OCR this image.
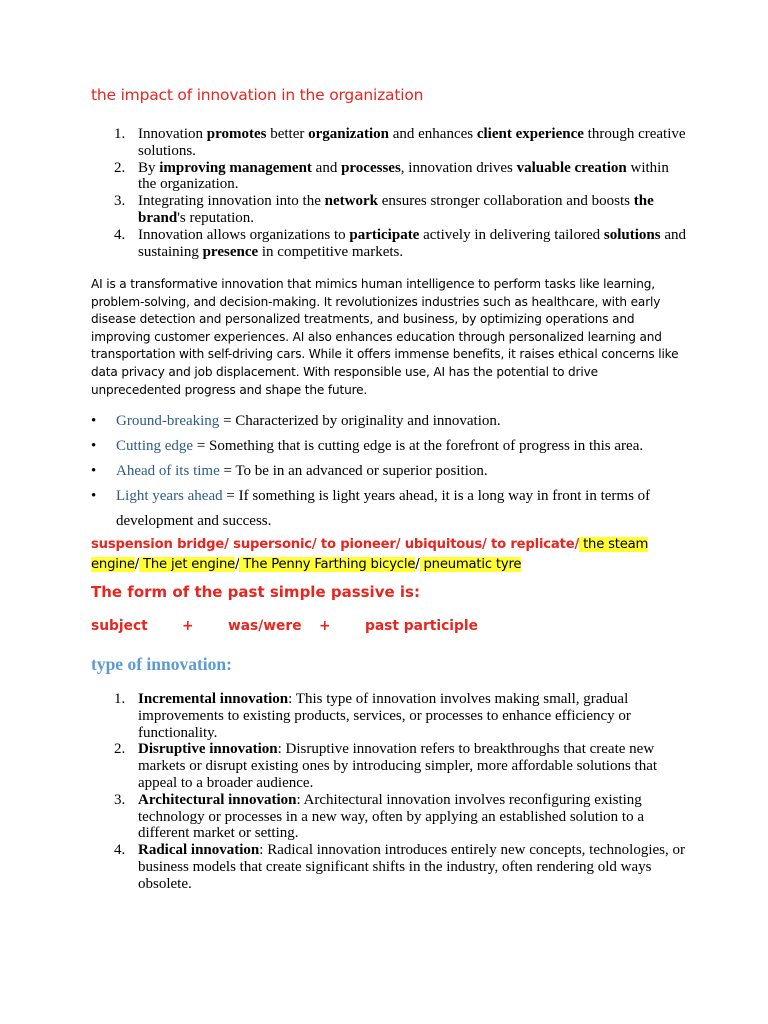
the impact of innovation in the organization
1. Innovation promotes better organization and enhances client experience through creative solutions.
2. By improving management and processes, innovation drives valuable creation within the organization.
3. Integrating innovation into the network ensures stronger collaboration and boosts the brand's reputation.
4. Innovation allows organizations to participate actively in delivering tailored solutions and sustaining presence in competitive markets.
AI is a transformative innovation that mimics human intelligence to perform tasks like learning, problem-solving, and decision-making. It revolutionizes industries such as healthcare, with early disease detection and personalized treatments, and business, by optimizing operations and improving customer experiences. AI also enhances education through personalized learning and transportation with self-driving cars. While it offers immense benefits, it raises ethical concerns like data privacy and job displacement. With responsible use, AI has the potential to drive unprecedented progress and shape the future.
• Ground-breaking = Characterized by originality and innovation.
• Cutting edge = Something that is cutting edge is at the forefront of progress in this area.
• Ahead of its time = To be in an advanced or superior position.
• Light years ahead = If something is light years ahead, it is a long way in front in terms of development and success.
suspension bridge/ supersonic/ to pioneer/ ubiquitous/ to replicate/ the steam engine/ The jet engine/ The Penny Farthing bicycle/ pneumatic tyre
The form of the past simple passive is:
subject + was/were + past participle
type of innovation:
1. Incremental innovation: This type of innovation involves making small, gradual improvements to existing products, services, or processes to enhance efficiency or functionality.
2. Disruptive innovation: Disruptive innovation refers to breakthroughs that create new markets or disrupt existing ones by introducing simpler, more affordable solutions that appeal to a broader audience.
3. Architectural innovation: Architectural innovation involves reconfiguring existing technology or processes in a new way, often by applying an established solution to a different market or setting.
4. Radical innovation: Radical innovation introduces entirely new concepts, technologies, or business models that create significant shifts in the industry, often rendering old ways obsolete.
